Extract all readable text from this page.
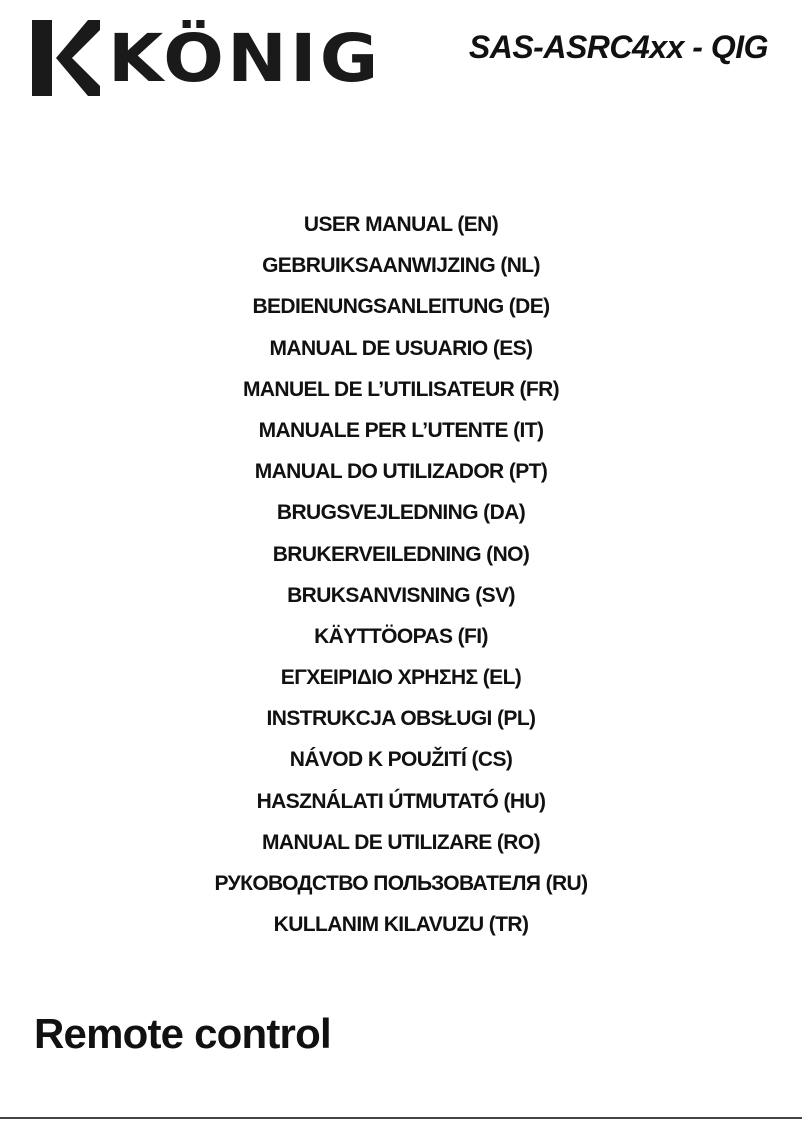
KÖNIG	SAS-ASRC4xx - QIG
USER MANUAL (EN)
GEBRUIKSAANWIJZING (NL)
BEDIENUNGSANLEITUNG (DE)
MANUAL DE USUARIO (ES)
MANUEL DE L’UTILISATEUR (FR)
MANUALE PER L’UTENTE (IT)
MANUAL DO UTILIZADOR (PT)
BRUGSVEJLEDNING (DA)
BRUKERVEILEDNING (NO)
BRUKSANVISNING (SV)
KÄYTTÖOPAS (FI)
ΕΓΧΕΙΡΙΔΙΟ ΧΡΗΣΗΣ (EL)
INSTRUKCJA OBSŁUGI (PL)
NÁVOD K POUŽITÍ (CS)
HASZNÁLATI ÚTMUTATÓ (HU)
MANUAL DE UTILIZARE (RO)
РУКОВОДСТВО ПОЛЬЗОВАТЕЛЯ (RU)
KULLANIM KILAVUZU (TR)
Remote control
